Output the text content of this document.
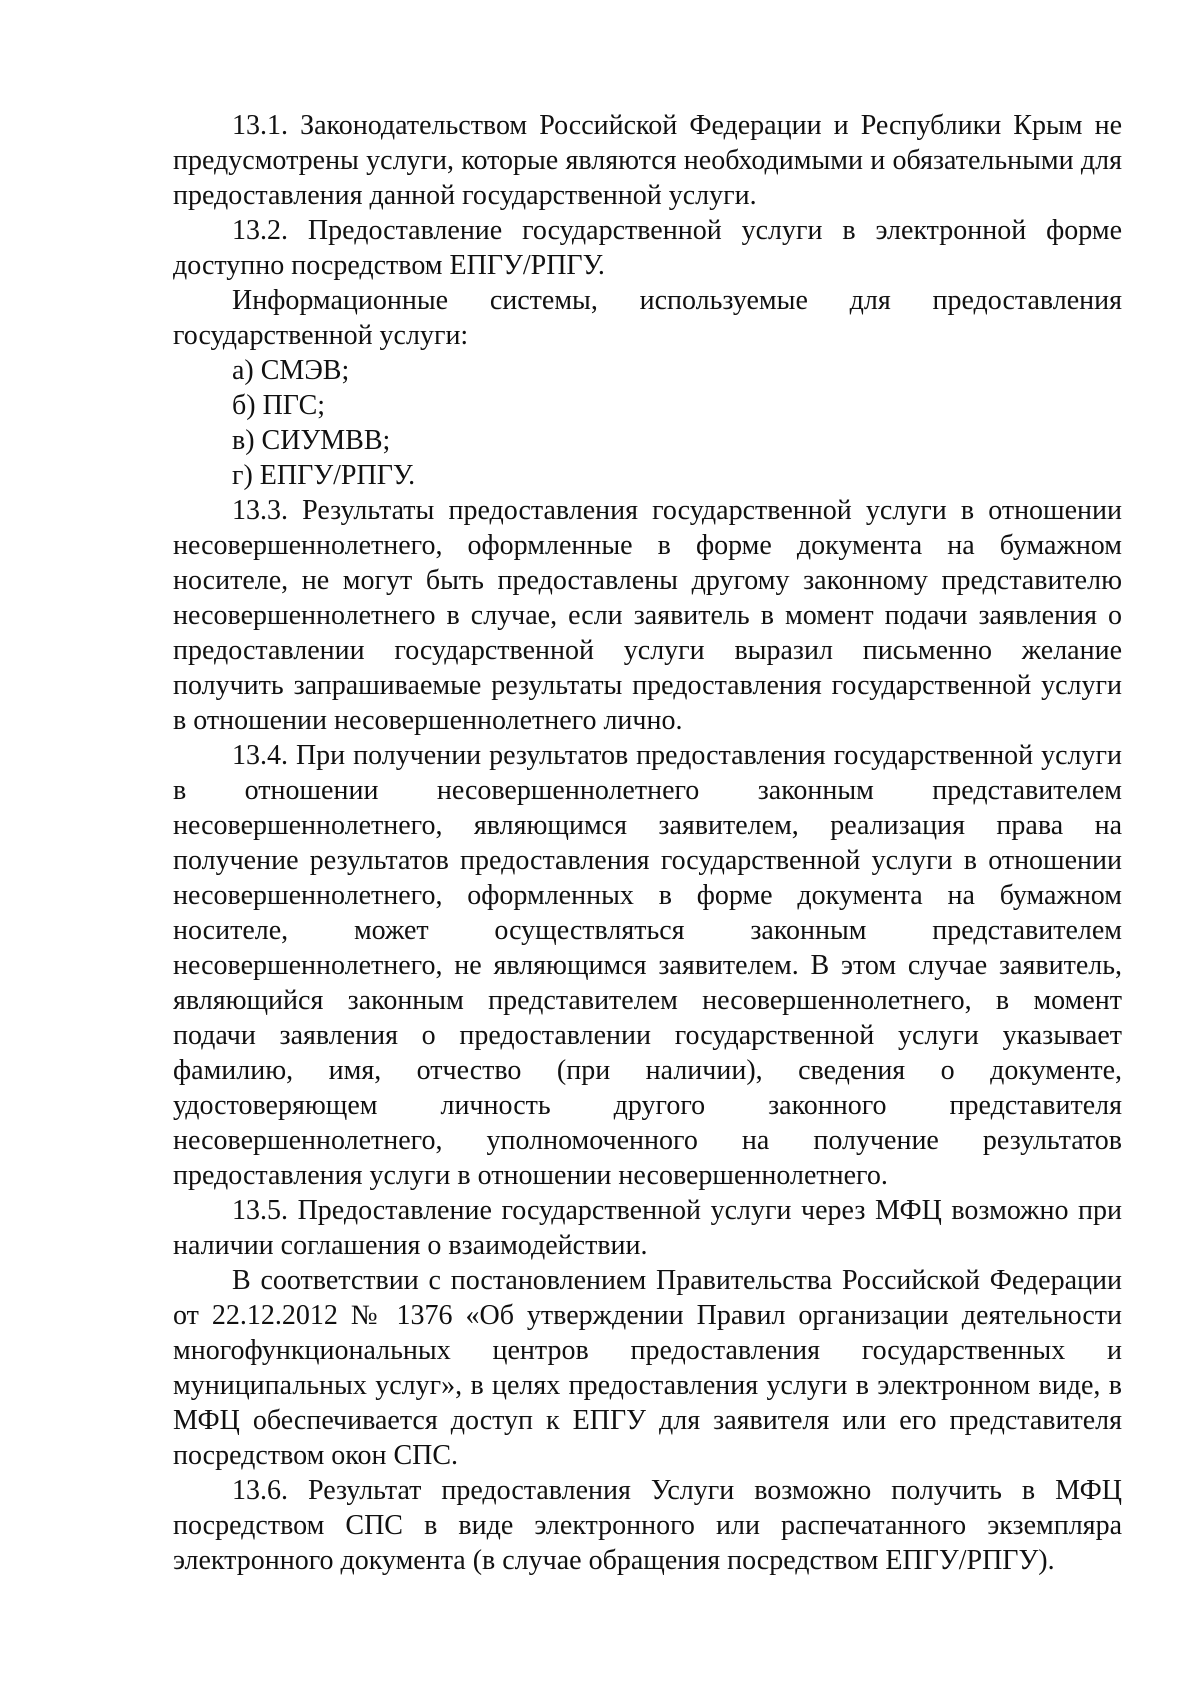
13.1. Законодательством Российской Федерации и Республики Крым не предусмотрены услуги, которые являются необходимыми и обязательными для предоставления данной государственной услуги.

13.2. Предоставление государственной услуги в электронной форме доступно посредством ЕПГУ/РПГУ.

Информационные системы, используемые для предоставления государственной услуги:

а) СМЭВ;

б) ПГС;

в) СИУМВВ;

г) ЕПГУ/РПГУ.

13.3. Результаты предоставления государственной услуги в отношении несовершеннолетнего, оформленные в форме документа на бумажном носителе, не могут быть предоставлены другому законному представителю несовершеннолетнего в случае, если заявитель в момент подачи заявления о предоставлении государственной услуги выразил письменно желание получить запрашиваемые результаты предоставления государственной услуги в отношении несовершеннолетнего лично.

13.4. При получении результатов предоставления государственной услуги в отношении несовершеннолетнего законным представителем несовершеннолетнего, являющимся заявителем, реализация права на получение результатов предоставления государственной услуги в отношении несовершеннолетнего, оформленных в форме документа на бумажном носителе, может осуществляться законным представителем несовершеннолетнего, не являющимся заявителем. В этом случае заявитель, являющийся законным представителем несовершеннолетнего, в момент подачи заявления о предоставлении государственной услуги указывает фамилию, имя, отчество (при наличии), сведения о документе, удостоверяющем личность другого законного представителя несовершеннолетнего, уполномоченного на получение результатов предоставления услуги в отношении несовершеннолетнего.

13.5. Предоставление государственной услуги через МФЦ возможно при наличии соглашения о взаимодействии.

В соответствии с постановлением Правительства Российской Федерации от 22.12.2012 № 1376 «Об утверждении Правил организации деятельности многофункциональных центров предоставления государственных и муниципальных услуг», в целях предоставления услуги в электронном виде, в МФЦ обеспечивается доступ к ЕПГУ для заявителя или его представителя посредством окон СПС.

13.6. Результат предоставления Услуги возможно получить в МФЦ посредством СПС в виде электронного или распечатанного экземпляра электронного документа (в случае обращения посредством ЕПГУ/РПГУ).
